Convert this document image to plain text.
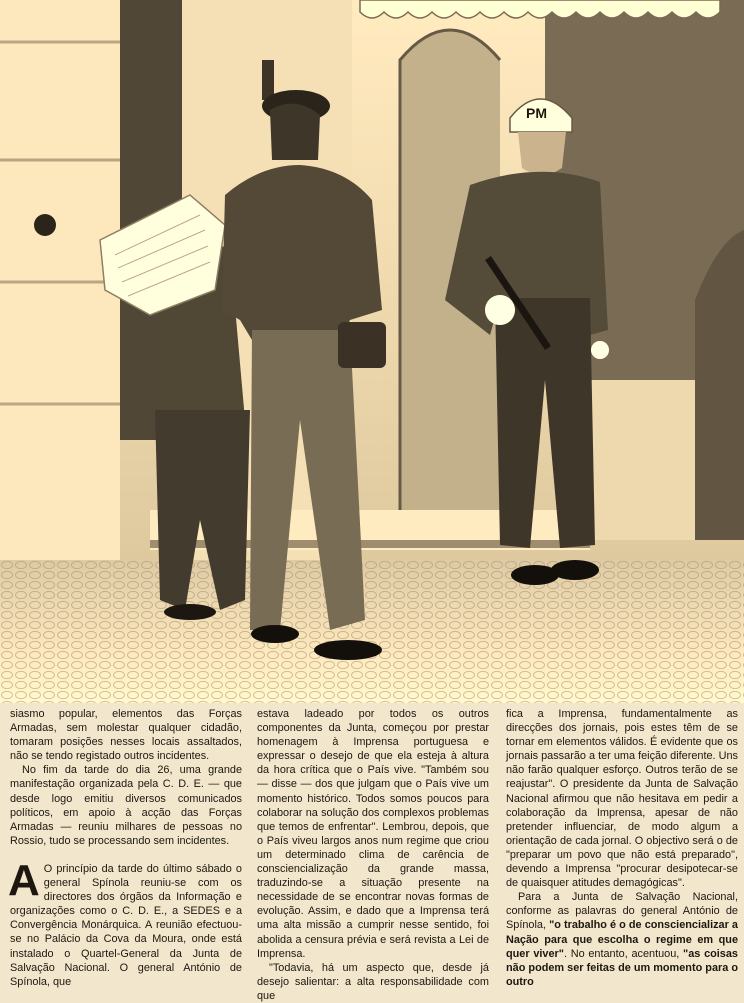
PM

siasmo popular, elementos das Forças Armadas, sem molestar qualquer cidadão, tomaram posições nesses locais assaltados, não se tendo registado outros incidentes.

No fim da tarde do dia 26, uma grande manifestação organizada pela C. D. E. — que desde logo emitiu diversos comunicados políticos, em apoio à acção das Forças Armadas — reuniu milhares de pessoas no Rossio, tudo se processando sem incidentes.

A O princípio da tarde do último sábado o general Spínola reuniu-se com os directores dos órgãos da Informação e organizações como o C. D. E., a SEDES e a Convergência Monárquica. A reunião efectuou-se no Palácio da Cova da Moura, onde está instalado o Quartel-General da Junta de Salvação Nacional. O general António de Spínola, que

estava ladeado por todos os outros componentes da Junta, começou por prestar homenagem à Imprensa portuguesa e expressar o desejo de que ela esteja à altura da hora crítica que o País vive. "Também sou — disse — dos que julgam que o País vive um momento histórico. Todos somos poucos para colaborar na solução dos complexos problemas que temos de enfrentar". Lembrou, depois, que o País viveu largos anos num regime que criou um determinado clima de carência de consciencialização da grande massa, traduzindo-se a situação presente na necessidade de se encontrar novas formas de evolução. Assim, e dado que a Imprensa terá uma alta missão a cumprir nesse sentido, foi abolida a censura prévia e será revista a Lei de Imprensa.

"Todavia, há um aspecto que, desde já desejo salientar: a alta responsabilidade com que

fica a Imprensa, fundamentalmente as direcções dos jornais, pois estes têm de se tornar em elementos válidos. É evidente que os jornais passarão a ter uma feição diferente. Uns não farão qualquer esforço. Outros terão de se reajustar". O presidente da Junta de Salvação Nacional afirmou que não hesitava em pedir a colaboração da Imprensa, apesar de não pretender influenciar, de modo algum a orientação de cada jornal. O objectivo será o de "preparar um povo que não está preparado", devendo a Imprensa "procurar desipotecar-se de quaisquer atitudes demagógicas".

Para a Junta de Salvação Nacional, conforme as palavras do general António de Spínola, "o trabalho é o de consciencializar a Nação para que escolha o regime em que quer viver". No entanto, acentuou, "as coisas não podem ser feitas de um momento para o outro
